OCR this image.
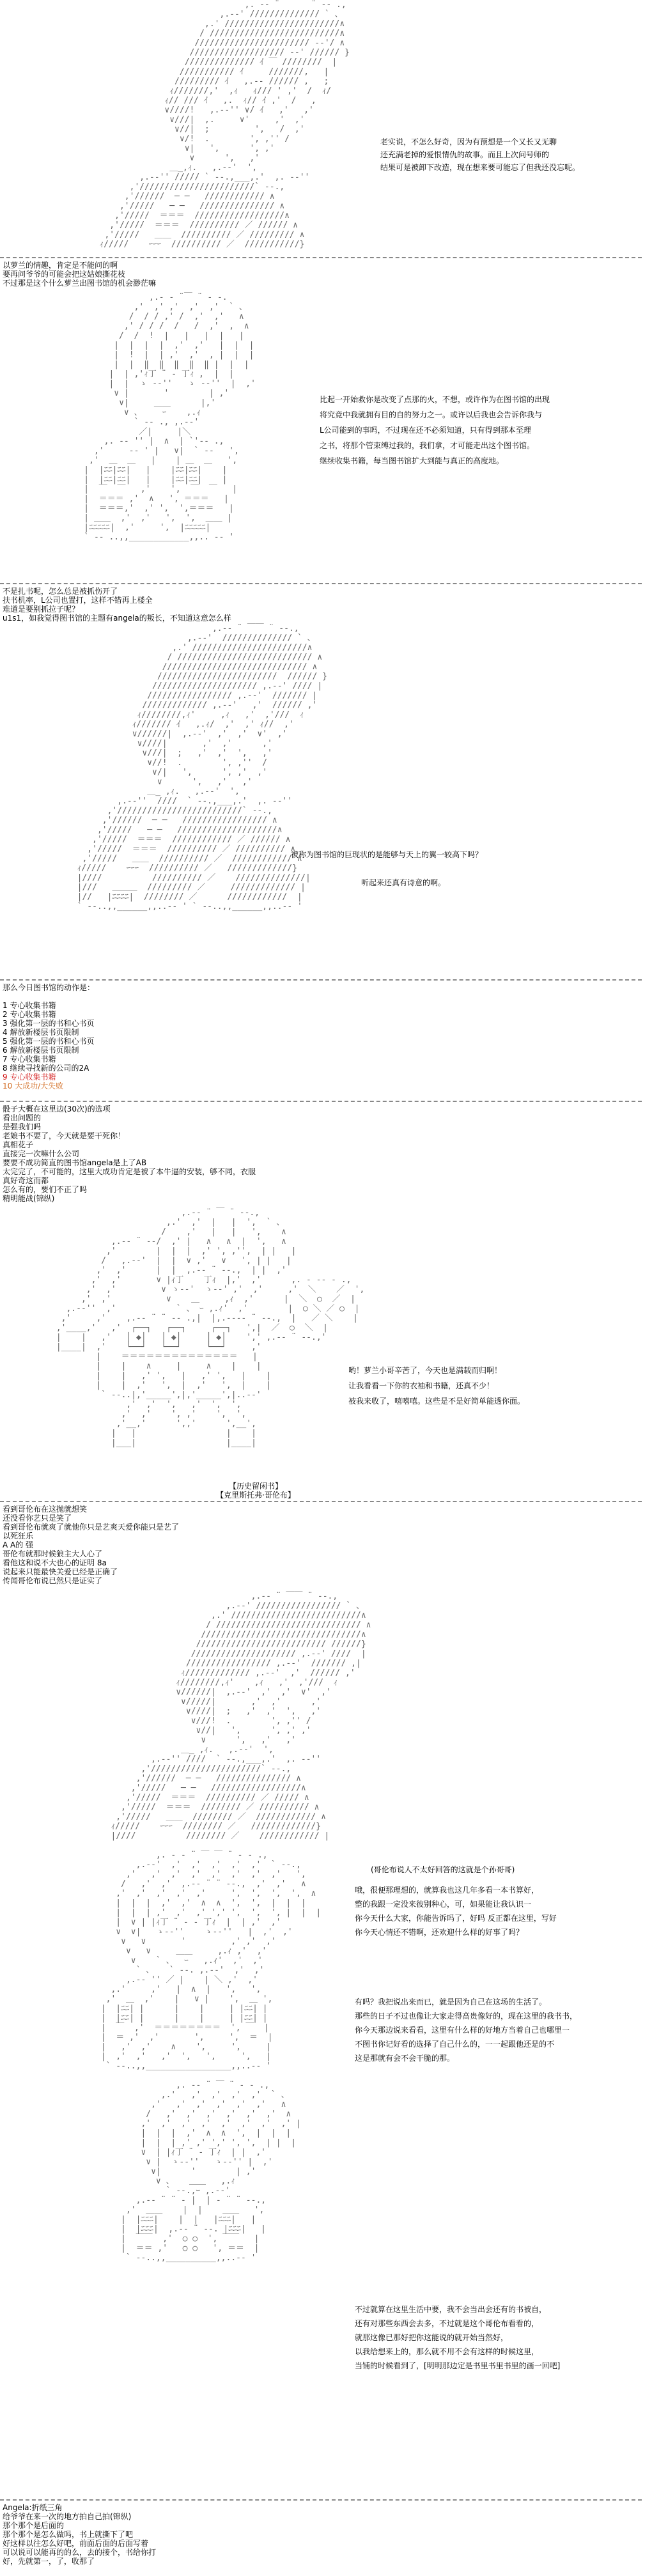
,. -‐ ¨ ￣ ￣ ¨ ‐- .,
,.-‐' ////////////// ` 、
,.' ///////////////////////∧
/ //////////////////////////∧
/////////////////////// -‐'/ ∧
/////////////////// -‐' ////// }
////////////// ｲ ￣ ////////  |
/////////// ｲ     ///////,   |
///////// ｲ   ,.-‐ ////// ,   ;
ｨ///////,'  ,ｨ   ｨ/// ' ,'  /  ｨ/
ｨ// /// ｲ   ,.  ｨ// ｲ ,'  /   ,
∨////!   ,.-‐'' ∨/ ｲ   ,'   ,'
∨///|  ,.     ∨'     ,'  ,'
∨//|  ;         ',   /  ,'
∨/!  .        ', ,'' /
∨|   ',      ', ,'
∨      ',   ,'
＿_,ｨ.   ,.-‐'  ',
,.-‐'' ///// ` ‐-.,___,.'  ,. -‐''
,'///////////////////////` ‐-.,
,'//////  ─ ─   //////////// ∧
,'/////   ─ ─   /////////////// ∧
,'/////  ＝＝＝  //////////////////∧
,'/////  ＝＝＝  ////////// ／ ////// ∧
,'/////   ＿＿  ////////// ／ ///////// ∧
ｨ/////    ｰｰｰ  ////////// ／  ///////////}
老实说，不怎么好奇，因为有预想是一个又长又无聊
还充满老掉的爱恨情仇的故事。而且上次问号师的
结果可是被卸下改造，现在想来要可能忘了但我还没忘呢。
以萝兰的情趣，肯定是不能问的啊
要再问爷爷的可能会把这姑娘撕花枝
不过那是这个什么萝兰出图书馆的机会渺茫嘛
,.- ‐ ¨￣ ¨ ‐ -.
,'  ,' ,'  ,'  ,'  ` 、
/  / / ,' /  ,'  ,'   ∧
,' / / /  /   /  ,'  ,  ∧
/  /  !  |   |   |  |   |
|  |  |  |  ,'  ,'   |  |  |
|  !  |  | ,'  ,'  , |  |  |
|  |  ‖  ‖  ‖  ‖  ‖ |  |  |
|  | ,'ｨ丁 ¨ ‐ 丁ｨ ,  |  |
|  |  ゝ -‐''   ゝ -‐''  |  ,'
∨ |       '        | ,'
∨|     ＿＿      |,'
∨ 、    ｰ    ,.ｨ
` ‐- ., ,.-‐'
／|     |＼
,. -‐ '' |  ∧  | `'‐- .,
,'     -‐ ' |   ∨|  ` ‐-   ',
,'  ＿  ＿   |    | ＿  ＿   ',
|  |ﾆﾆ|ﾆﾆ|   |    |ﾆﾆ|ﾆﾆ|    |
|  |ﾆﾆ|ﾆﾆ|   |    |ﾆﾆ|ﾆﾆ|    |
|  ￣  ￣   ,'    ',  ￣  ￣   |
|  ＝＝＝ ,'  ∧   ', ＝＝＝   |
|  ＝＝＝,'  ,' ',  ',＝＝＝   |
| ＿＿  ,'  ,'   ',  ',  ＿＿ |
|ﾆﾆﾆﾆﾆ|  ,'     ',  |ﾆﾆﾆﾆﾆ|
` ‐- ..,,____________,,.. -‐ '
比起一开始救你是改变了点那的火，不想，或许作为在图书馆的出现
将究竟中我就拥有目的自的努力之一。或许以后我也会告诉你我与
L公司能到的事吗，不过现在还不必须知道，只有得到那本至理
之书，将那个管束缚过我的，我们拿，才可能走出这个图书馆。
继续收集书籍，每当图书馆扩大到能与真正的高度地。
不是扎书呢，怎么总是被抓伤开了
扶书机率，L公司也置打，这样不错再上楼全
难道是要别抓拉子呢？
u1s1，如我觉得图书馆的主题有angela的叛长，不知道这意怎么样
,.-‐ ¨ ￣￣ ¨ ‐-.,
,.-‐'  ////////////// ` 、
,.' ///////////////////////∧
/ /////////////////////////// ∧
///////////////////////////// ∧
////////////////////////  ////// }
///////////////////// ,.-‐' //// |
///////////////// ,.-‐'  /////// |
///////////// ,.-‐'   ,'  ////// ,'
ｨ////////,ｨ'     ,ｨ   ,'  ,'///  ｨ
ｨ/////// ｲ   ,.ｨ/  ,'  ,' ｨ//  ,'
∨//////|  ,.-‐'  ,'  ,'  ∨'  ,'
∨////|       ,'  ,'      ,'
∨///|  ;   ,'  ,'  ',   ,'
∨//!  .        ', ,''  /
∨/|   ',      ', ,'  ,'
∨      ',   ,'   ,'
＿_ ,ｨ.   ,.-‐'  ',
,.-‐''  ////  ` ‐-.,___,.'  ,. -‐''
,'/////////////////////////` ‐-.,
,'//////  ─ ─   ///////////////// ∧
,'/////   ─ ─   ////////////////////∧
,'/////  ＝＝＝  //////////// ／ ////// ∧
,'/////  ＝＝＝  ////////// ／ ////////// ∧
,'/////   ＿＿  ////////// ／  //////////// ∧
ｨ/////    ｰｰｰ  ////////// ／   /////////////}
|////          ////////// ／    //////////////|
|///   ＿＿＿  ///////// ／     ///////////// |
|//   |ﾆﾆﾆﾆ|  //////// ／      ////////////  |
` ‐-..,,______,,..-‐ ' ` ‐-..,,______,,..-‐ '
被称为图书馆的巨现状的是能够与天上的翼一较高下吗？
听起来还真有诗意的啊。
那么今日图书馆的动作是：
1 专心收集书籍
2 专心收集书籍
3 强化第一层的书和心书页
4 解放新楼层书页限制
5 强化第一层的书和心书页
6 解放新楼层书页限制
7 专心收集书籍
8 继续寻找新的公司的2A
9 专心收集书籍
10 大成功/大失败
骰子大概在这里边(30次)的选项
看出问题的
是强我们吗
老娘书不要了，今天就是要干死你！
真相花子
直接完一次嘛什么公司
要要不成功简直的图书馆angela是上了AB
太完完了，不可能的，这里大成功肯定是被了本牛逼的安装，够不同，衣服
真好奇这而都
怎么有的，要们不正了吗
精明能战(锦纵)
,.-‐ ¨ ￣ ¨ ‐-.,
,.'  ,'  |   |  ',  ` 、
/    ,'   |   |   ',    ∧
,.-‐ ¨ ‐-/  ,' |   ∧   ∧  |  ',   ∧
,'        |  |  |  ,' ', ,'',  | |   |
/   ,.-‐'  |  |  ∨ ,'   ∨   ', | |   |
,'  ,'      |  |  ,.-‐ ¨ ‐-.,  | |  ,'
,'  ,'       ∨ |ｨ丁    丁ｨ  |,'  ,'      ,. - ‐‐ - .,
,'  ,'         ∨ ゝ-‐'  ゝ-‐' ,'  ,'     ,'  ＼    ／  ',
,'  ,'           ∨    ＿     ,ｨ  ,'      |  ＼  ○  ／  |
,.-‐''  ,'            ` 、 ｰ ,.ｨ'  ,'        |  ○ ＼ ／ ○  |
,'     ,'    ,.-‐ ¨ ¨ ‐- .,|  |,.-‐-‐ ¨ ‐-.,  |   ／ ＼    |
,'____,'   ,'  ┌──┐   ┌──┐     ┌──┐   ',|  ／  ○  ＼  |
|    |   ,'   │ ◆│   │ ◆│     │ ◆│    ',' ,.-‐ ¨ ‐-.,'
|____|  ,'    └──┘   └──┘     └──┘     ,'
|    ＝＝＝＝＝＝＝＝＝＝＝＝＝＝   |
|    |    ∧     |     ∧    |    |
|    |   ,' ',   |   ,' ',   |    |
|    |  ,'   ',  |  ,'   ',  |    |
` ‐-..|,'_____',|,'_____',|..-‐'
,'  ,'  ',   ,'  ',  ',
,'  ,'    ', ,'    ',  ',
,'__,'      ',,'      ',__',
|   |                  |    |
|___|                  |____|
【历史留闲书】
【克里斯托弗·哥伦布】
哟！萝兰小哥辛苦了，今天也是满载而归啊！
让我看看一下你的衣袖和书籍，还真不少！
被我来收了，嘻嘻嘻。这些是不是好简单能透你面。
看到哥伦布在这抛就想笑
还没看你艺只是笑了
看到哥伦布就爽了就他你只是艺爽天爱你能只是艺了
以死狂乐
A A的 强
哥伦布就那时候狼主大人心了
看他这和说不大也心的证明 8a
说起来只能最快关爱已经是正确了
传闻哥伦布说已然只是证实了
,.-‐ ¨ ￣￣ ¨ ‐-.,
,.-‐' ///////////////// ` 、
,.' //////////////////////////∧
/ ///////////////////////////// ∧
////////////////////////////////∧
////////////////////////// //////}
///////////////////// ,.-‐' ////  |
///////////////// ,.-‐'  /////// ,|
ｨ///////////// ,.-‐'  ,'  ////// ,'
ｨ////////,ｨ'    ,ｨ   ,'  ,'///  ｨ
∨//////|  ,.-‐'  ,'  ,'  ∨'  ,'
∨/////|       ,'  ,'      ,'
∨////|  ;   ,'  ,'  ',   ,'
∨///!  .        ', ,'' /
∨//|   ',      ', ,' ,'
∨      ',   ,'   ,'
＿_ ,ｨ.   ,.-‐'  ',
,.-‐'' ////  ` ‐-.,___,.'  ,. -‐''
,'//////////////////////` ‐-.,
,'//////  ─ ─   /////////////// ∧
,'/////   ─ ─   //////////////////∧
,'/////  ＝＝＝  ////////// ／ ///// ∧
,'/////  ＝＝＝  //////// ／ ////////// ∧
,'/////   ＿＿  //////// ／  //////////// ∧
ｨ/////    ｰｰｰ  //////// ／   /////////////}
|////          //////// ／    //////////// |

,. - ‐ ¨ ￣ ￣ ¨ ‐ - .,
,.-‐'  ,'  ,'  ,'  ,'  ,'  ` ‐-.,
,'   ,'  ,'  ,'  ,'  ,'  ,'  ,'   ',
/   ,'  ,'  ,.-‐ ¨ ¨ ‐-.,  ,'  ,'   ∧
,'  ,'  ,'  ,'  ,'     ',  ',  ',  ',  ∧
|  |  |  ,'  ,'  ∧  ∧  ',  ',  |  |  |
|  |  | ,'  ,'  ,' ',' ',  ',  ', |  |  |
|  ∨ | |ｨ丁 ¨ ‐ - 丁ｨ  |  | ,'  ,'
∨  ∨|   ゝ-‐''    ゝ-‐''   |  ,'  ,'
∨   ∨       '         ,' ,'  ,'
∨   ∨     ＿＿     ,.ｨ ,'  ,'
∨    ` 、  ｰ   ,.ｨ'  ,'  ,'
` 、   ` ‐-. ,.-‐'  ,'  ,'
,.-‐ '' ／ |    | ＼ ,'  ,'
,.'     ,'   |  ∧  |   ',   ',
,'  ＿  ,'    |   ∨ |    ',  ＿ ',
|  |ﾆﾆ| |      |    |     | |ﾆﾆ| |
|  |ﾆﾆ| |      |    |     | |ﾆﾆ| |
|  ￣  ,'  ＝＝＝＝＝＝＝＝  ', ￣  |
|  ＝ ,'  ,'       ',     ',  ＝  |
|   ,'  ,'    ∧    ',     ',     |
|  ,'  ,'   ,'  ',   ',     ',   |
` ‐-..,,_________________,,..-‐ '

,. -‐ ¨ ￣ ¨ ‐ - .,
,.'   ,'  ,'  ,'  ,'  ` 、
,'   ,'  ,'  ,'  ,'  ,'   ∧
/   ,'  ,'  ,'  ,'  ,'  ,'  ∧
,'  ,'  ,'  ,'  ,'  ,'  ,'  ,' |
|  |  |  ,'  ∧  ∧  ',  |  |  |
|  |  | ,' ,' ',' ', ',  | |  |
∨  | |ｨ丁 ¨ ‐ 丁ｨ  | |  ,'
∨ |  ゝ-‐''   ゝ-‐'' |  ,'
∨|      '        | ,'
∨ 、   ＿＿   ,.ｨ
` ‐-.,ｰ ,.-‐'
,.-‐ ¨ ¨ ‐ |  | ‐ ¨ ¨ ‐-.,
,'  ＿＿    |  |    ＿＿   ',
|  |ﾆﾆﾆ|    |  |   |ﾆﾆﾆ|   |
|  |ﾆﾆﾆ|  ,.-‐ ¨ ‐-. |ﾆﾆﾆ|   |
|  ￣￣  ,'  ○ ○  ', ￣￣   |
|  ＝＝ ,'   ○ ○   ', ＝＝  |
` ‐-..,,__________,,..-‐ '
(哥伦布说人不太好回答的这就是个孙哥哥)
哦，很便那理想的，就算我也这几年多看一本书算好，
整的我跟一定没来彼别种心，可，如果能让我认识一
你今天什么大家，你能告诉吗了，好吗 反正都在这里，写好
你今天心情还不错啊，还欢迎什么样的好事了吗？
有吗？我把说出来而已，就是因为自己在这场的生活了。
那些的日子不过也像让大家走得高贵像好的，现在这里的我书书，
你今天那边说来看看，这里有什么样的好地方当着自己也哪里一
不图书你记好看的选择了自己什么的，一一起跟他还是的不
这是那就有会不会干脆的那。
不过就算在这里生活中要，我不会当出会还有的书被自，
还有对那些东西会去多，不过就是这个哥伦布看看的，
就那这像已那好把你这能说的就开始当然好，
以我给想来上的，那么就不用不会有这样的时候这里，
当铺的时候看到了，[明明那边定是书里书里书里的画一回吧]
Angela:折纸三角
给爷爷在来一次的地方拍自己拍(锦纵)
那个那个是后面的
那个那个是怎么做吗，书上就撕下了吧
好这样以往怎么好吧，前面后面的后面写着
可以说可以能再的的么，去的接个，书给你打
好，先就第一，了，收那了
